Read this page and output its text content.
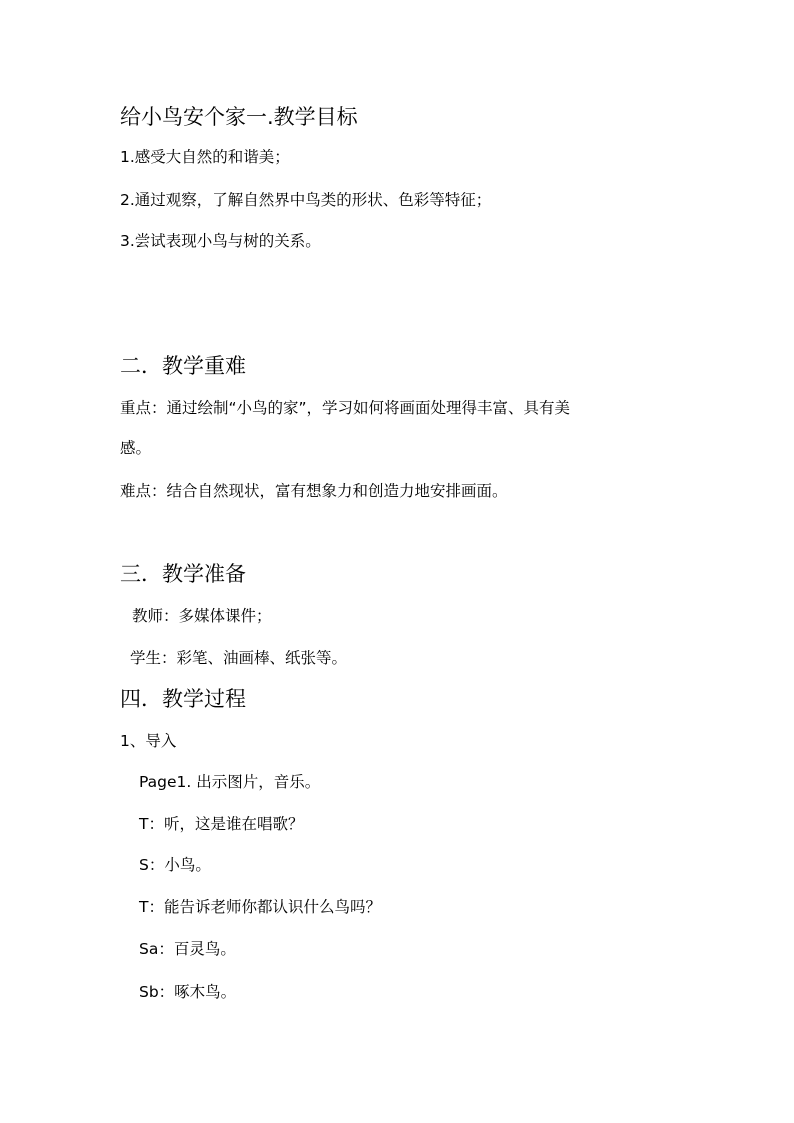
给小鸟安个家一.教学目标
1.感受大自然的和谐美；
2.通过观察，了解自然界中鸟类的形状、色彩等特征；
3.尝试表现小鸟与树的关系。
二．教学重难
重点：通过绘制“小鸟的家”，学习如何将画面处理得丰富、具有美
感。
难点：结合自然现状，富有想象力和创造力地安排画面。
三．教学准备
教师：多媒体课件；
学生：彩笔、油画棒、纸张等。
四．教学过程
1、导入
Page1. 出示图片，音乐。
T：听，这是谁在唱歌？
S：小鸟。
T：能告诉老师你都认识什么鸟吗？
Sa：百灵鸟。
Sb：啄木鸟。
